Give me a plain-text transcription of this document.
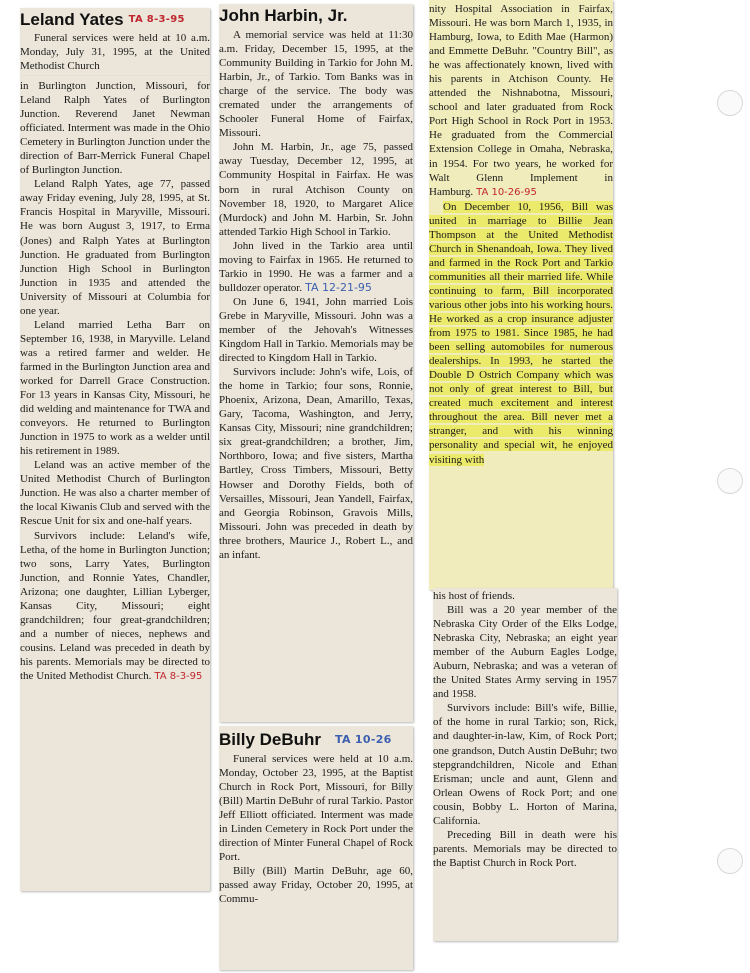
Leland Yates TA 8-3-95

Funeral services were held at 10 a.m. Monday, July 31, 1995, at the United Methodist Church

in Burlington Junction, Missouri, for Leland Ralph Yates of Burlington Junction. Reverend Janet Newman officiated. Interment was made in the Ohio Cemetery in Burlington Junction under the direction of Barr-Merrick Funeral Chapel of Burlington Junction.

Leland Ralph Yates, age 77, passed away Friday evening, July 28, 1995, at St. Francis Hospital in Maryville, Missouri. He was born August 3, 1917, to Erma (Jones) and Ralph Yates at Burlington Junction. He graduated from Burlington Junction High School in Burlington Junction in 1935 and attended the University of Missouri at Columbia for one year.

Leland married Letha Barr on September 16, 1938, in Maryville. Leland was a retired farmer and welder. He farmed in the Burlington Junction area and worked for Darrell Grace Construction. For 13 years in Kansas City, Missouri, he did welding and maintenance for TWA and conveyors. He returned to Burlington Junction in 1975 to work as a welder until his retirement in 1989.

Leland was an active member of the United Methodist Church of Burlington Junction. He was also a charter member of the local Kiwanis Club and served with the Rescue Unit for six and one-half years.

Survivors include: Leland's wife, Letha, of the home in Burlington Junction; two sons, Larry Yates, Burlington Junction, and Ronnie Yates, Chandler, Arizona; one daughter, Lillian Lyberger, Kansas City, Missouri; eight grandchildren; four great-grandchildren; and a number of nieces, nephews and cousins. Leland was preceded in death by his parents. Memorials may be directed to the United Methodist Church. TA 8-3-95

John Harbin, Jr.

A memorial service was held at 11:30 a.m. Friday, December 15, 1995, at the Community Building in Tarkio for John M. Harbin, Jr., of Tarkio. Tom Banks was in charge of the service. The body was cremated under the arrangements of Schooler Funeral Home of Fairfax, Missouri.

John M. Harbin, Jr., age 75, passed away Tuesday, December 12, 1995, at Community Hospital in Fairfax. He was born in rural Atchison County on November 18, 1920, to Margaret Alice (Murdock) and John M. Harbin, Sr. John attended Tarkio High School in Tarkio.

John lived in the Tarkio area until moving to Fairfax in 1965. He returned to Tarkio in 1990. He was a farmer and a bulldozer operator. TA 12-21-95

On June 6, 1941, John married Lois Grebe in Maryville, Missouri. John was a member of the Jehovah's Witnesses Kingdom Hall in Tarkio. Memorials may be directed to Kingdom Hall in Tarkio.

Survivors include: John's wife, Lois, of the home in Tarkio; four sons, Ronnie, Phoenix, Arizona, Dean, Amarillo, Texas, Gary, Tacoma, Washington, and Jerry, Kansas City, Missouri; nine grandchildren; six great-grandchildren; a brother, Jim, Northboro, Iowa; and five sisters, Martha Bartley, Cross Timbers, Missouri, Betty Howser and Dorothy Fields, both of Versailles, Missouri, Jean Yandell, Fairfax, and Georgia Robinson, Gravois Mills, Missouri. John was preceded in death by three brothers, Maurice J., Robert L., and an infant.

Billy DeBuhr TA 10-26

Funeral services were held at 10 a.m. Monday, October 23, 1995, at the Baptist Church in Rock Port, Missouri, for Billy (Bill) Martin DeBuhr of rural Tarkio. Pastor Jeff Elliott officiated. Interment was made in Linden Cemetery in Rock Port under the direction of Minter Funeral Chapel of Rock Port.

Billy (Bill) Martin DeBuhr, age 60, passed away Friday, October 20, 1995, at Commu-

nity Hospital Association in Fairfax, Missouri. He was born March 1, 1935, in Hamburg, Iowa, to Edith Mae (Harmon) and Emmette DeBuhr. "Country Bill", as he was affectionately known, lived with his parents in Atchison County. He attended the Nishnabotna, Missouri, school and later graduated from Rock Port High School in Rock Port in 1953. He graduated from the Commercial Extension College in Omaha, Nebraska, in 1954. For two years, he worked for Walt Glenn Implement in Hamburg. TA 10-26-95

On December 10, 1956, Bill was united in marriage to Billie Jean Thompson at the United Methodist Church in Shenandoah, Iowa. They lived and farmed in the Rock Port and Tarkio communities all their married life. While continuing to farm, Bill incorporated various other jobs into his working hours. He worked as a crop insurance adjuster from 1975 to 1981. Since 1985, he had been selling automobiles for numerous dealerships. In 1993, he started the Double D Ostrich Company which was not only of great interest to Bill, but created much excitement and interest throughout the area. Bill never met a stranger, and with his winning personality and special wit, he enjoyed visiting with

his host of friends.

Bill was a 20 year member of the Nebraska City Order of the Elks Lodge, Nebraska City, Nebraska; an eight year member of the Auburn Eagles Lodge, Auburn, Nebraska; and was a veteran of the United States Army serving in 1957 and 1958.

Survivors include: Bill's wife, Billie, of the home in rural Tarkio; son, Rick, and daughter-in-law, Kim, of Rock Port; one grandson, Dutch Austin DeBuhr; two stepgrandchildren, Nicole and Ethan Erisman; uncle and aunt, Glenn and Orlean Owens of Rock Port; and one cousin, Bobby L. Horton of Marina, California.

Preceding Bill in death were his parents. Memorials may be directed to the Baptist Church in Rock Port.
